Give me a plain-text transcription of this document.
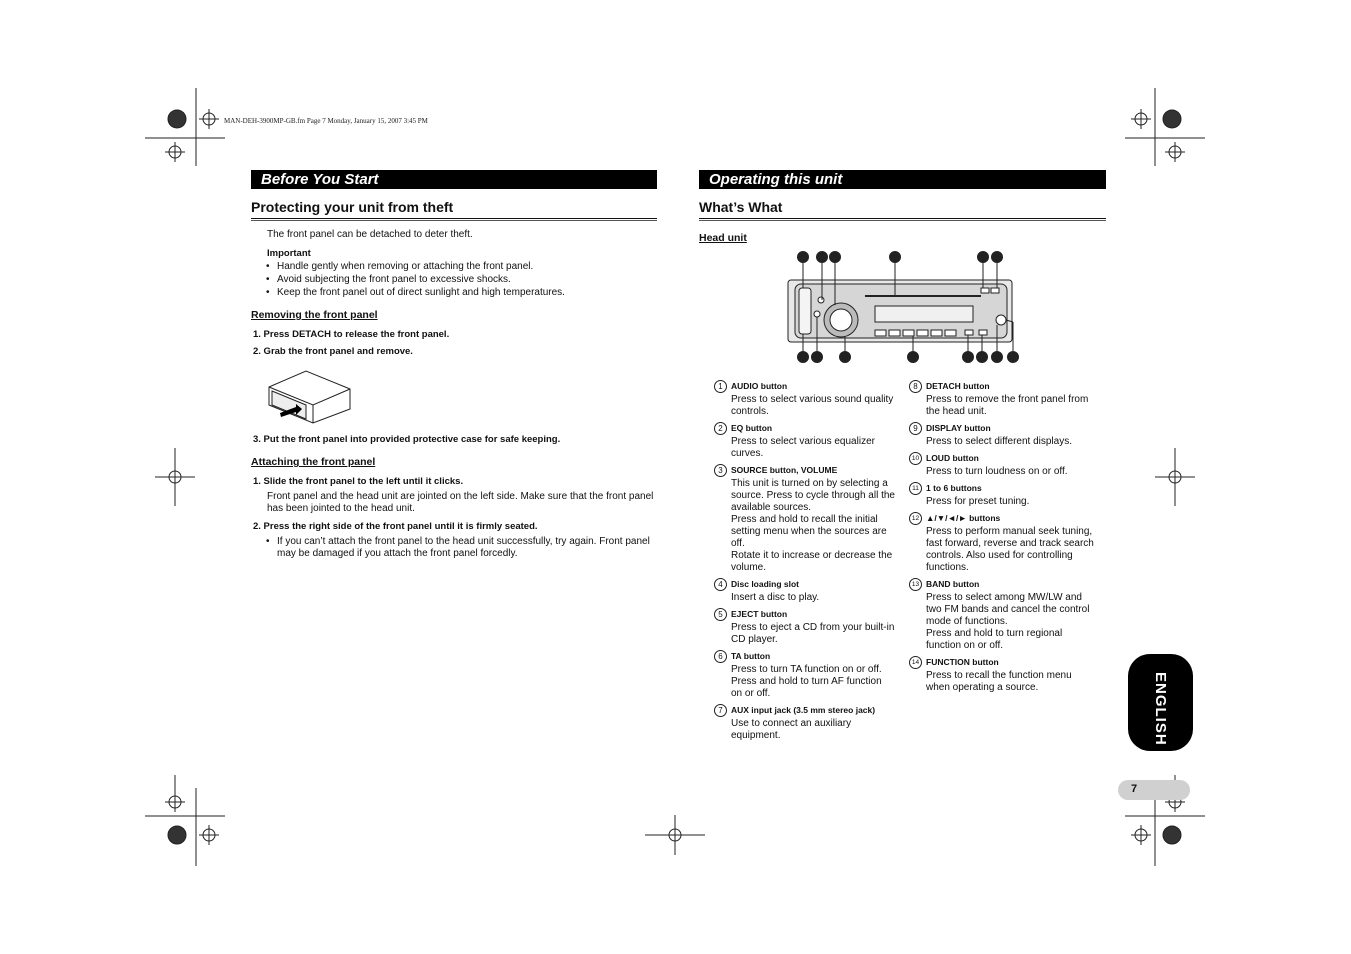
MAN-DEH-3900MP-GB.fm Page 7 Monday, January 15, 2007 3:45 PM
Before You Start
Protecting your unit from theft
The front panel can be detached to deter theft.
Important
• Handle gently when removing or attaching the front panel.
• Avoid subjecting the front panel to excessive shocks.
• Keep the front panel out of direct sunlight and high temperatures.
Removing the front panel
1. Press DETACH to release the front panel.
2. Grab the front panel and remove.
3. Put the front panel into provided protective case for safe keeping.
Attaching the front panel
1. Slide the front panel to the left until it clicks.
Front panel and the head unit are jointed on the left side. Make sure that the front panel
has been jointed to the head unit.
2. Press the right side of the front panel until it is firmly seated.
• If you can’t attach the front panel to the head unit successfully, try again. Front panel
may be damaged if you attach the front panel forcedly.
Operating this unit
What’s What
Head unit
1 2 3	4	5 6
14 13	12	11	10 9 8 7
1 AUDIO button
Press to select various sound quality
controls.
2 EQ button
Press to select various equalizer
curves.
3 SOURCE button, VOLUME
This unit is turned on by selecting a
source. Press to cycle through all the
available sources.
Press and hold to recall the initial
setting menu when the sources are
off.
Rotate it to increase or decrease the
volume.
4 Disc loading slot
Insert a disc to play.
5 EJECT button
Press to eject a CD from your built-in
CD player.
6 TA button
Press to turn TA function on or off.
Press and hold to turn AF function
on or off.
7 AUX input jack (3.5 mm stereo jack)
Use to connect an auxiliary
equipment.
8 DETACH button
Press to remove the front panel from
the head unit.
9 DISPLAY button
Press to select different displays.
10 LOUD button
Press to turn loudness on or off.
11 1 to 6 buttons
Press for preset tuning.
12 ▲/▼/◄/► buttons
Press to perform manual seek tuning,
fast forward, reverse and track search
controls. Also used for controlling
functions.
13 BAND button
Press to select among MW/LW and
two FM bands and cancel the control
mode of functions.
Press and hold to turn regional
function on or off.
14 FUNCTION button
Press to recall the function menu
when operating a source.	ENGLISH
7
